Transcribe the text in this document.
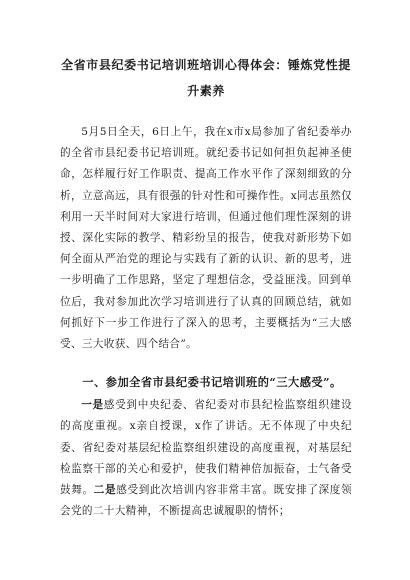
全省市县纪委书记培训班培训心得体会：锤炼党性提升素养

5月5日全天，6日上午，我在x市x局参加了省纪委举办的全省市县纪委书记培训班。就纪委书记如何担负起神圣使命，怎样履行好工作职责、提高工作水平作了深刻细致的分析，立意高远，具有很强的针对性和可操作性。x同志虽然仅利用一天半时间对大家进行培训，但通过他们理性深刻的讲授、深化实际的教学、精彩纷呈的报告，使我对新形势下如何全面从严治党的理论与实践有了新的认识、新的思考，进一步明确了工作思路，坚定了理想信念，受益匪浅。回到单位后，我对参加此次学习培训进行了认真的回顾总结，就如何抓好下一步工作进行了深入的思考，主要概括为“三大感受、三大收获、四个结合”。

一、参加全省市县纪委书记培训班的“三大感受”。

一是感受到中央纪委、省纪委对市县纪检监察组织建设的高度重视。x亲自授课，x作了讲话。无不体现了中央纪委、省纪委对基层纪检监察组织建设的高度重视，对基层纪检监察干部的关心和爱护，使我们精神倍加振奋，士气备受鼓舞。二是感受到此次培训内容非常丰富。既安排了深度领会党的二十大精神，不断提高忠诚履职的情怀；
